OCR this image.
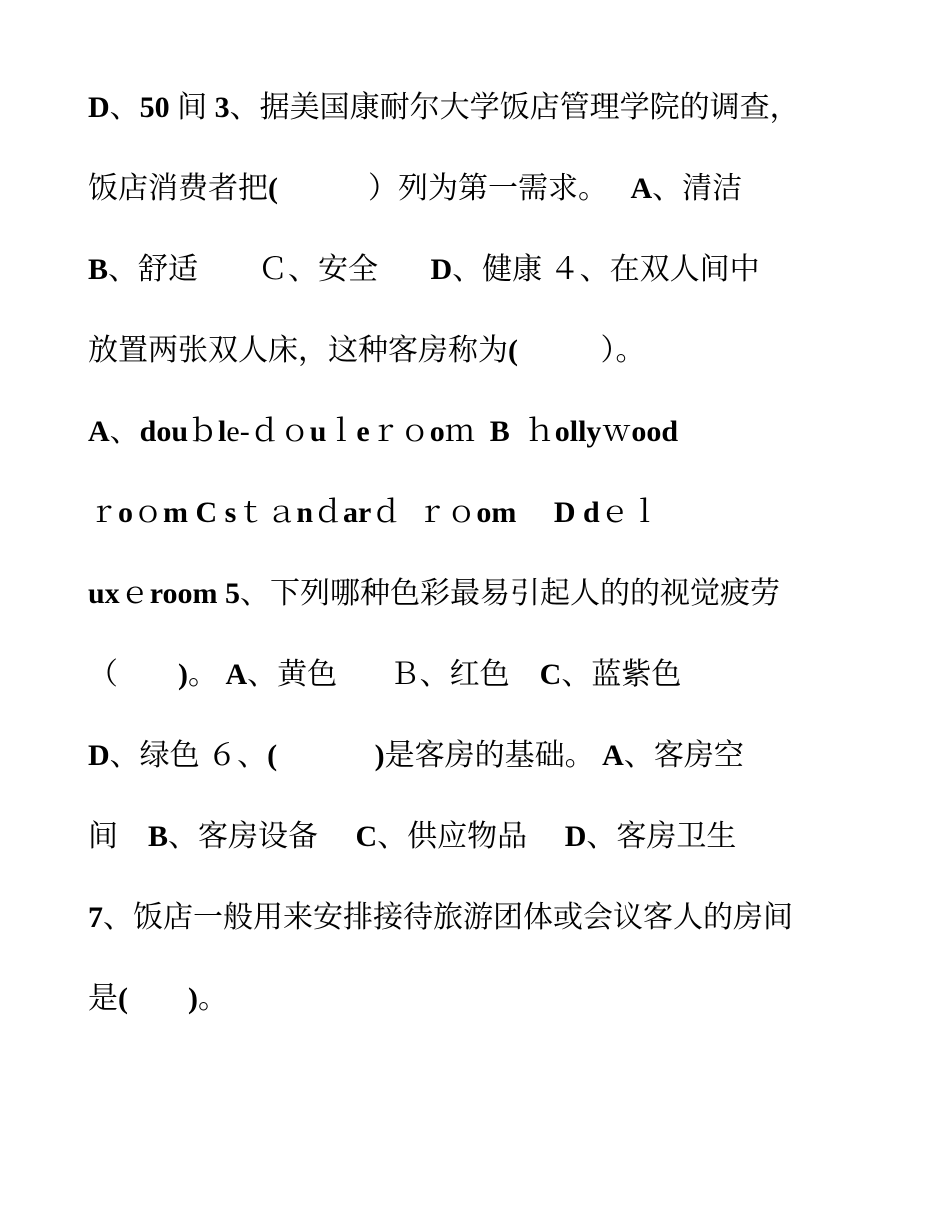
D、50 间 3、据美国康耐尔大学饭店管理学院的调查，
饭店消费者把(            ）列为第一需求。   A、清洁
B、舒适        Ｃ、安全       D、健康 ４、在双人间中
放置两张双人床，这种客房称为(           ）。
A、douｂle-ｄｏuｌeｒｏoｍ  B  ｈollyｗood
ｒoｏm C sｔａnｄarｄ  ｒｏom D dｅｌ
uxｅroom 5、下列哪种色彩最易引起人的的视觉疲劳
（        )。 A、黄色       Ｂ、红色    C、蓝紫色
D、绿色 ６、(	)是客房的基础。 A、客房空
间    B、客房设备     C、供应物品     D、客房卫生
7、饭店一般用来安排接待旅游团体或会议客人的房间
是( )。
